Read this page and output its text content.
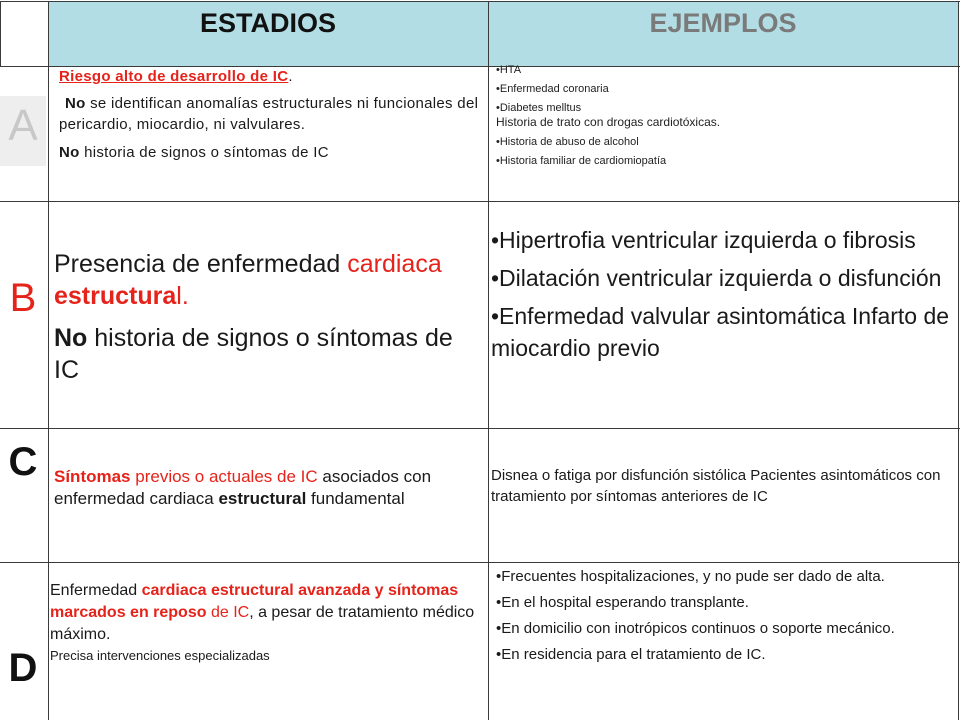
ESTADIOS	EJEMPLOS
A
B
C
D

Riesgo alto de desarrollo de IC.

No se identifican anomalías estructurales ni funcionales del pericardio, miocardio, ni valvulares.

No historia de signos o síntomas de IC

•HTA
•Enfermedad coronaria
•Diabetes melltus
Historia de trato con drogas cardiotóxicas.
•Historia de abuso de alcohol
•Historia familiar de cardiomiopatía

Presencia de enfermedad cardiaca estructural.

No historia de signos o síntomas de IC

•Hipertrofia ventricular izquierda o fibrosis
•Dilatación ventricular izquierda o disfunción
•Enfermedad valvular asintomática Infarto de miocardio previo
Síntomas previos o actuales de IC asociados con enfermedad cardiaca estructural fundamental
Disnea o fatiga por disfunción sistólica Pacientes asintomáticos con tratamiento por síntomas anteriores de IC
Enfermedad cardiaca estructural avanzada y síntomas marcados en reposo de IC, a pesar de tratamiento médico máximo.

Precisa intervenciones especializadas

•Frecuentes hospitalizaciones, y no pude ser dado de alta.
•En el hospital esperando transplante.
•En domicilio con inotrópicos continuos o soporte mecánico.
•En residencia para el tratamiento de IC.
